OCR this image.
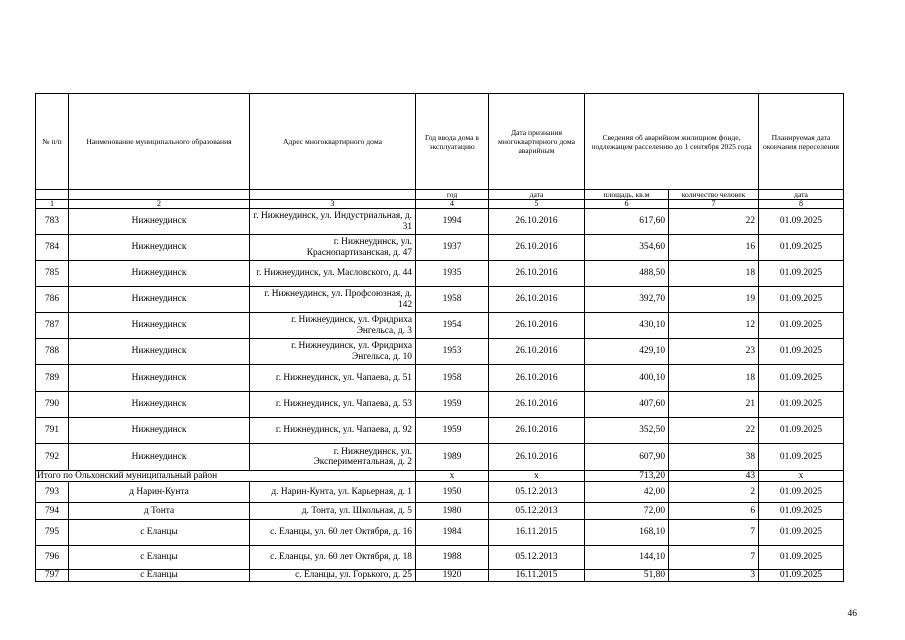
№ п/п	Наименование муниципального образования	Адрес многоквартирного дома	Год ввода дома в эксплуатацию	Дата признания многоквартирного дома аварийным	Сведения об аварийном жилищном фонде, подлежащем расселению до 1 сентября 2025 года		Планируемая дата окончания переселения
			год	дата	площадь, кв.м	количество человек	дата
1	2	3	4	5	6	7	8
783	Нижнеудинск	г. Нижнеудинск, ул. Индустриальная, д. 31	1994	26.10.2016	617,60	22	01.09.2025
784	Нижнеудинск	г. Нижнеудинск, ул. Краснопартизанская, д. 47	1937	26.10.2016	354,60	16	01.09.2025
785	Нижнеудинск	г. Нижнеудинск, ул. Масловского, д. 44	1935	26.10.2016	488,50	18	01.09.2025
786	Нижнеудинск	г. Нижнеудинск, ул. Профсоюзная, д. 142	1958	26.10.2016	392,70	19	01.09.2025
787	Нижнеудинск	г. Нижнеудинск, ул. Фридриха Энгельса, д. 3	1954	26.10.2016	430,10	12	01.09.2025
788	Нижнеудинск	г. Нижнеудинск, ул. Фридриха Энгельса, д. 10	1953	26.10.2016	429,10	23	01.09.2025
789	Нижнеудинск	г. Нижнеудинск, ул. Чапаева, д. 51	1958	26.10.2016	400,10	18	01.09.2025
790	Нижнеудинск	г. Нижнеудинск, ул. Чапаева, д. 53	1959	26.10.2016	407,60	21	01.09.2025
791	Нижнеудинск	г. Нижнеудинск, ул. Чапаева, д. 92	1959	26.10.2016	352,50	22	01.09.2025
792	Нижнеудинск	г. Нижнеудинск, ул. Экспериментальная, д. 2	1989	26.10.2016	607,90	38	01.09.2025
Итого по Ольхонский муниципальный район			x	x	713,20	43	x
793	д Нарин-Кунта	д. Нарин-Кунта, ул. Карьерная, д. 1	1950	05.12.2013	42,00	2	01.09.2025
794	д Тонта	д. Тонта, ул. Школьная, д. 5	1980	05.12.2013	72,00	6	01.09.2025
795	с Еланцы	с. Еланцы, ул. 60 лет Октября, д. 16	1984	16.11.2015	168,10	7	01.09.2025
796	с Еланцы	с. Еланцы, ул. 60 лет Октября, д. 18	1988	05.12.2013	144,10	7	01.09.2025
797	с Еланцы	с. Еланцы, ул. Горького, д. 25	1920	16.11.2015	51,80	3	01.09.2025
46
